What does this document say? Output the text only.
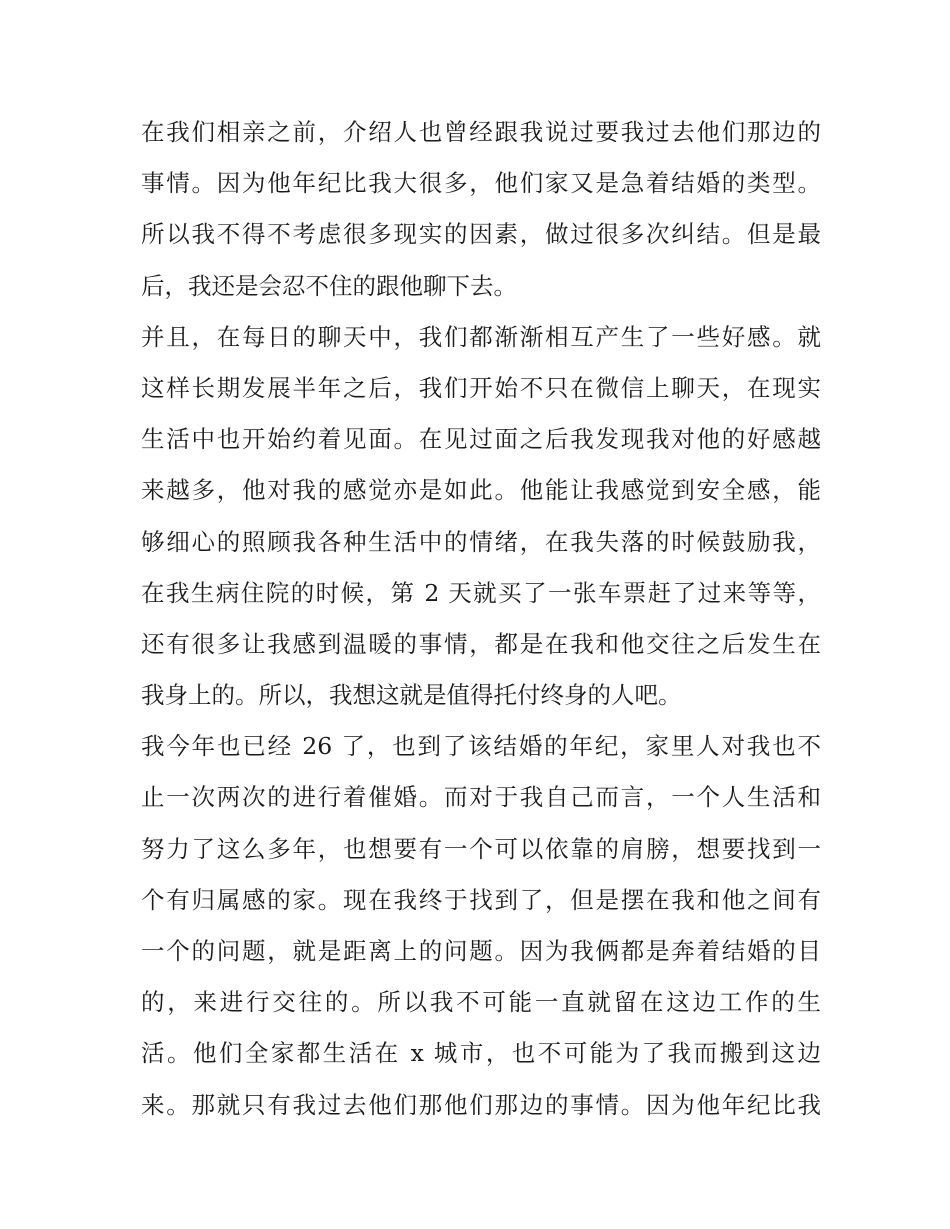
在我们相亲之前，介绍人也曾经跟我说过要我过去他们那边的
事情。因为他年纪比我大很多，他们家又是急着结婚的类型。
所以我不得不考虑很多现实的因素，做过很多次纠结。但是最
后，我还是会忍不住的跟他聊下去。
并且，在每日的聊天中，我们都渐渐相互产生了一些好感。就
这样长期发展半年之后，我们开始不只在微信上聊天，在现实
生活中也开始约着见面。在见过面之后我发现我对他的好感越
来越多，他对我的感觉亦是如此。他能让我感觉到安全感，能
够细心的照顾我各种生活中的情绪，在我失落的时候鼓励我，
在我生病住院的时候，第 2 天就买了一张车票赶了过来等等，
还有很多让我感到温暖的事情，都是在我和他交往之后发生在
我身上的。所以，我想这就是值得托付终身的人吧。
我今年也已经 26 了，也到了该结婚的年纪，家里人对我也不
止一次两次的进行着催婚。而对于我自己而言，一个人生活和
努力了这么多年，也想要有一个可以依靠的肩膀，想要找到一
个有归属感的家。现在我终于找到了，但是摆在我和他之间有
一个的问题，就是距离上的问题。因为我俩都是奔着结婚的目
的，来进行交往的。所以我不可能一直就留在这边工作的生
活。他们全家都生活在 x 城市，也不可能为了我而搬到这边
来。那就只有我过去他们那他们那边的事情。因为他年纪比我
